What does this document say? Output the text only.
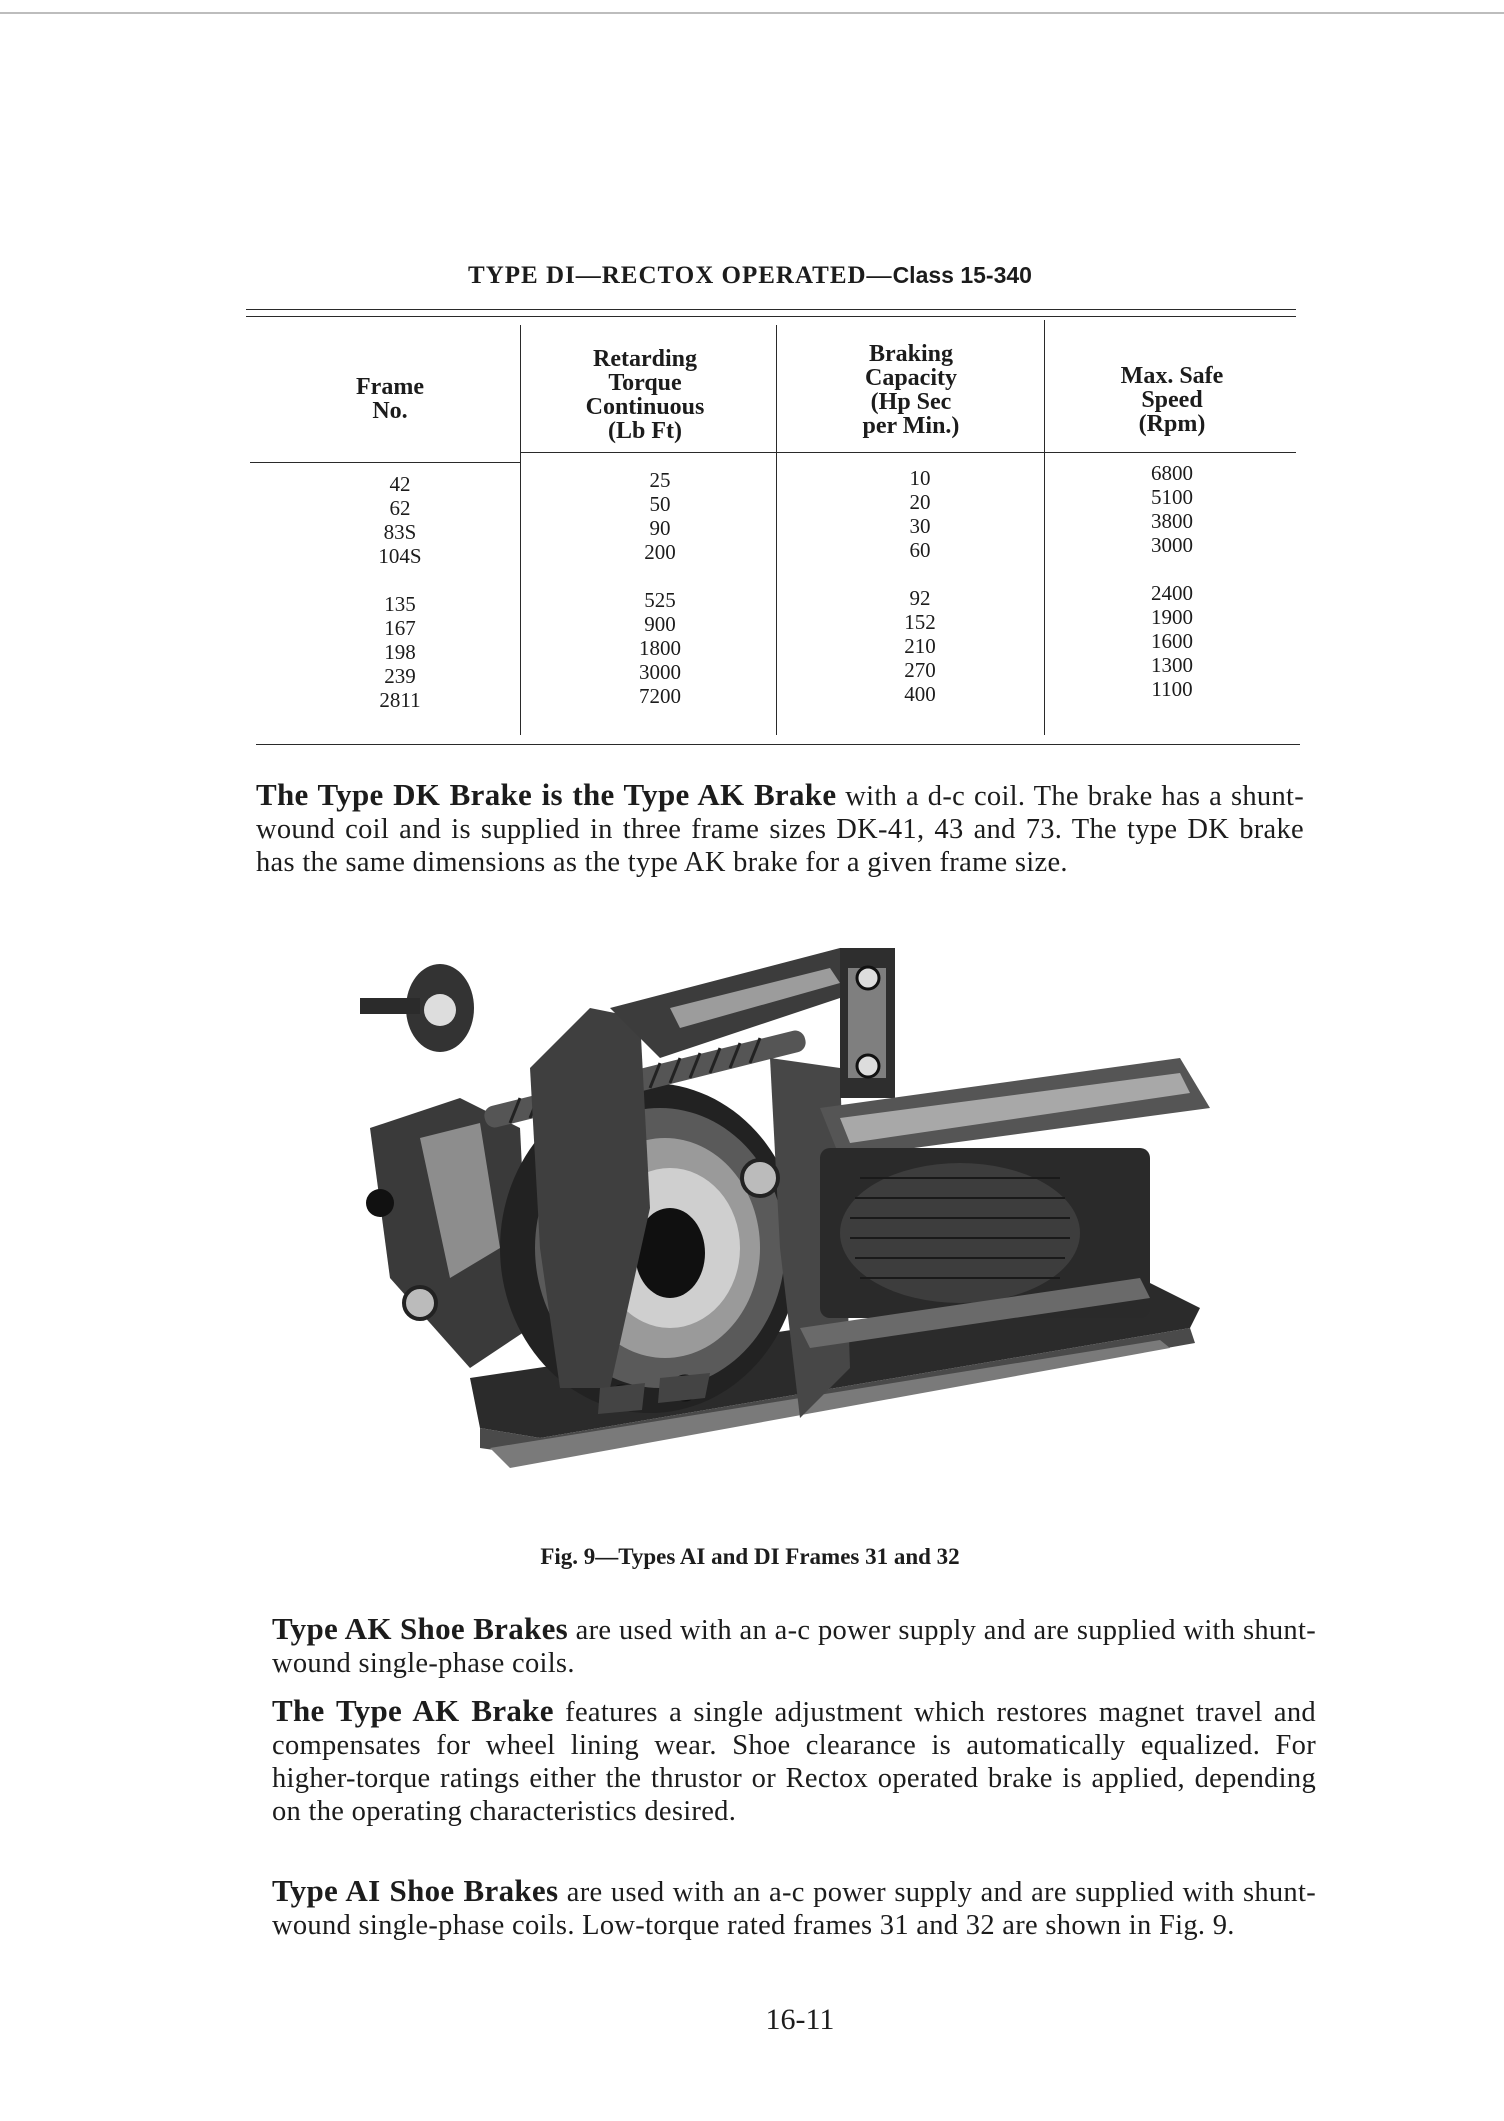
TYPE DI—RECTOX OPERATED—Class 15-340
Frame
No.
Retarding
Torque
Continuous
(Lb Ft)
Braking
Capacity
(Hp Sec
per Min.)
Max. Safe
Speed
(Rpm)
42
62
83S
104S
135
167
198
239
2811
25
50
90
200
525
900
1800
3000
7200
10
20
30
60
92
152
210
270
400
6800
5100
3800
3000
2400
1900
1600
1300
1100
The Type DK Brake is the Type AK Brake with a d-c coil. The brake has a shunt-wound coil and is supplied in three frame sizes DK-41, 43 and 73. The type DK brake has the same dimensions as the type AK brake for a given frame size.
Fig. 9—Types AI and DI Frames 31 and 32
Type AK Shoe Brakes are used with an a-c power supply and are supplied with shunt-wound single-phase coils.
The Type AK Brake features a single adjustment which restores magnet travel and compensates for wheel lining wear. Shoe clearance is automatically equalized. For higher-torque ratings either the thrustor or Rectox operated brake is applied, depending on the operating characteristics desired.
Type AI Shoe Brakes are used with an a-c power supply and are supplied with shunt-wound single-phase coils. Low-torque rated frames 31 and 32 are shown in Fig. 9.
16-11
